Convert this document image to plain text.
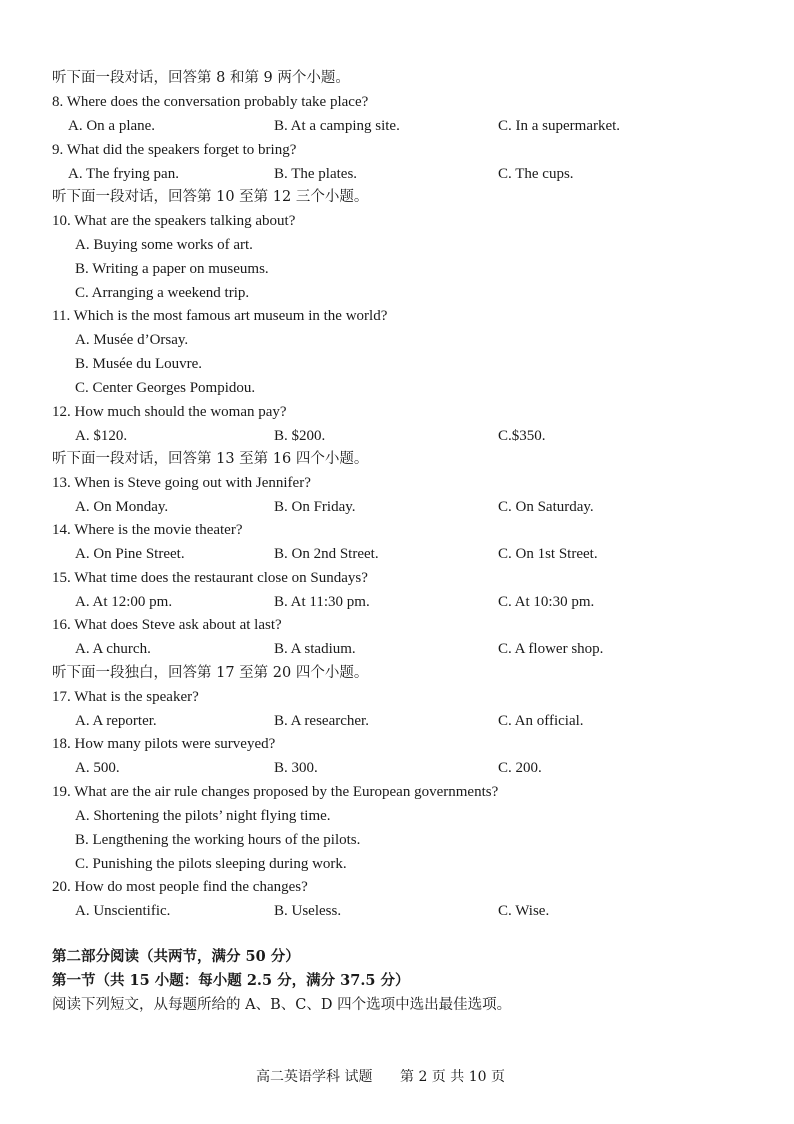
听下面一段对话，回答第 8 和第 9 两个小题。
8. Where does the conversation probably take place?
A. On a plane.	B. At a camping site.	C. In a supermarket.
9. What did the speakers forget to bring?
A. The frying pan.	B. The plates.	C. The cups.
听下面一段对话，回答第 10 至第 12 三个小题。
10. What are the speakers talking about?
A. Buying some works of art.
B. Writing a paper on museums.
C. Arranging a weekend trip.
11. Which is the most famous art museum in the world?
A. Musée d’Orsay.
B. Musée du Louvre.
C. Center Georges Pompidou.
12. How much should the woman pay?
A. $120.	B. $200.	C.$350.
听下面一段对话，回答第 13 至第 16 四个小题。
13. When is Steve going out with Jennifer?
A. On Monday.	B. On Friday.	C. On Saturday.
14. Where is the movie theater?
A. On Pine Street.	B. On 2nd Street.	C. On 1st Street.
15. What time does the restaurant close on Sundays?
A. At 12:00 pm.	B. At 11:30 pm.	C. At 10:30 pm.
16. What does Steve ask about at last?
A. A church.	B. A stadium.	C. A flower shop.
听下面一段独白，回答第 17 至第 20 四个小题。
17. What is the speaker?
A. A reporter.	B. A researcher.	C. An official.
18. How many pilots were surveyed?
A. 500.	B. 300.	C. 200.
19. What are the air rule changes proposed by the European governments?
A. Shortening the pilots’ night flying time.
B. Lengthening the working hours of the pilots.
C. Punishing the pilots sleeping during work.
20. How do most people find the changes?
A. Unscientific.	B. Useless.	C. Wise.
第二部分阅读（共两节，满分 50 分）
第一节（共 15 小题：每小题 2.5 分，满分 37.5 分）
阅读下列短文，从每题所给的 A、B、C、D 四个选项中选出最佳选项。
高二英语学科 试题 第 2 页 共 10 页
